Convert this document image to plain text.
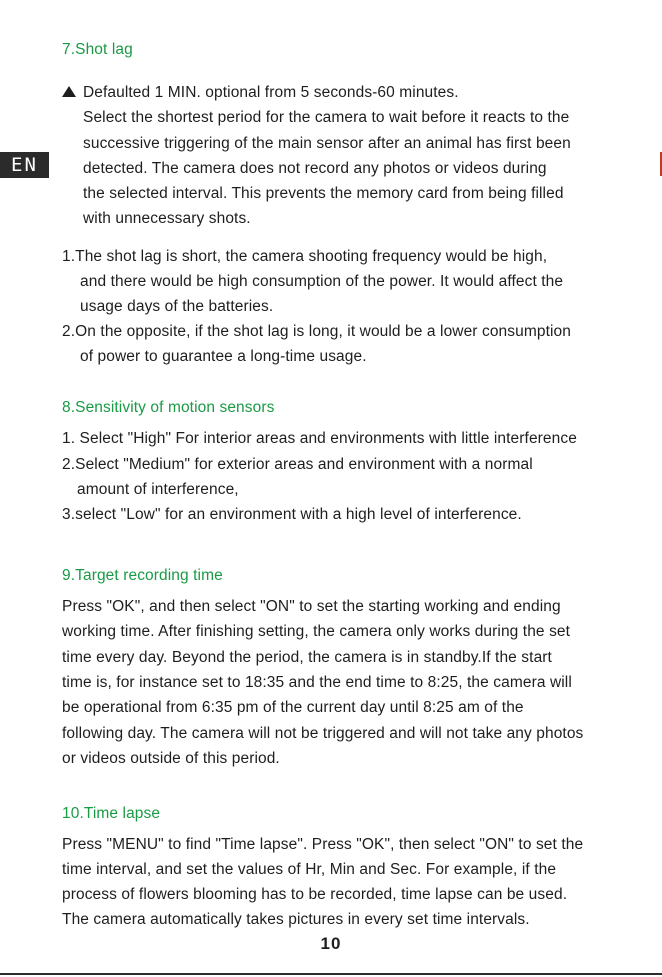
EN
7.Shot lag
Defaulted 1 MIN. optional from 5 seconds-60 minutes.
Select the shortest period for the camera to wait before it reacts to the
successive triggering of the main sensor after an animal has first been
detected. The camera does not record any photos or videos during
the selected interval. This prevents the memory card from being filled
with unnecessary shots.
1.The shot lag is short, the camera shooting frequency would be high,
and there would be high consumption of the power. It would affect the
usage days of the batteries.
2.On the opposite, if the shot lag is long, it would be a lower consumption
of power to guarantee a long-time usage.
8.Sensitivity of motion sensors
1. Select "High" For interior areas and environments with little interference
2.Select "Medium" for exterior areas and environment with a normal
amount of interference,
3.select "Low" for an environment with a high level of interference.
9.Target recording time
Press "OK", and then select "ON" to set the starting working and ending
working time. After finishing setting, the camera only works during the set
time every day. Beyond the period, the camera is in standby.If the start
time is, for instance set to 18:35 and the end time to 8:25, the camera will
be operational from 6:35 pm of the current day until 8:25 am of the
following day. The camera will not be triggered and will not take any photos
or videos outside of this period.
10.Time lapse
Press "MENU" to find "Time lapse". Press "OK", then select "ON" to set the
time interval, and set the values of Hr, Min and Sec. For example, if the
process of flowers blooming has to be recorded, time lapse can be used.
The camera automatically takes pictures in every set time intervals.
10
